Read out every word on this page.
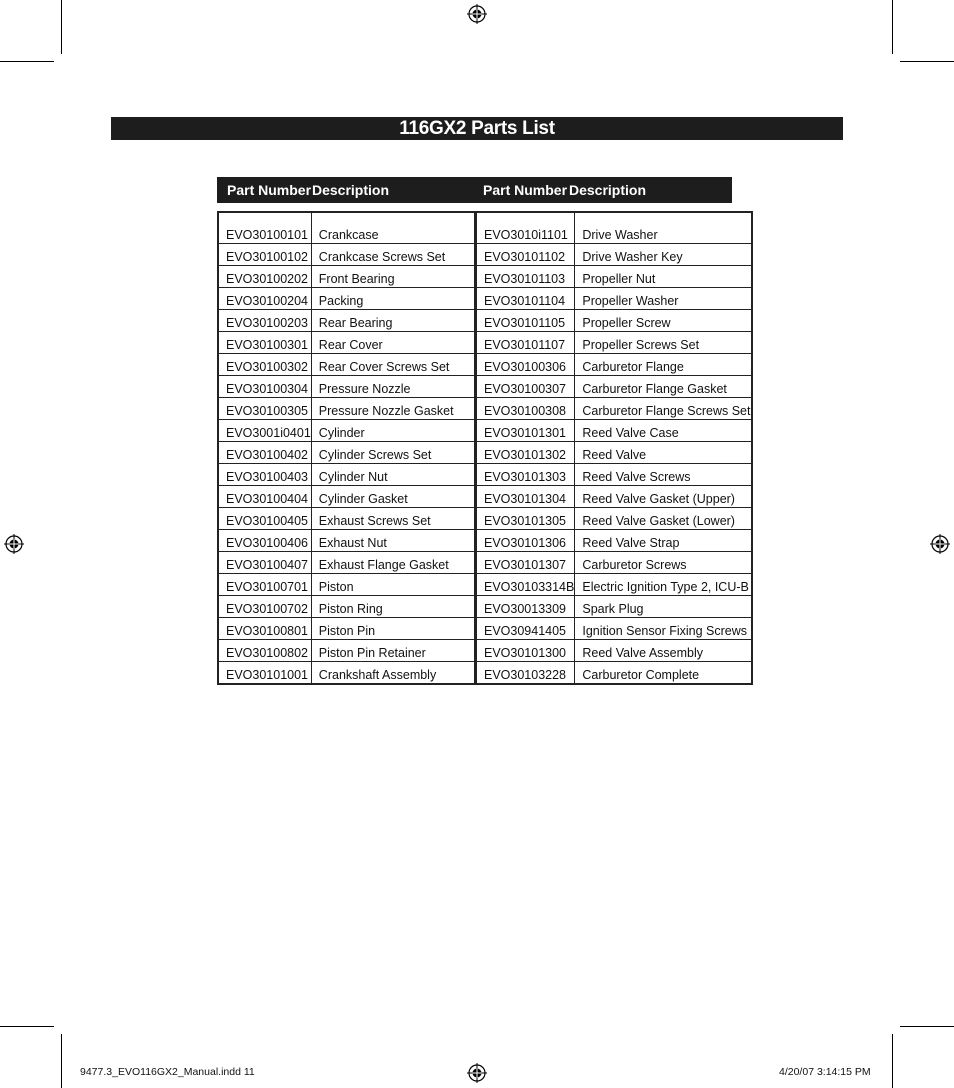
116GX2 Parts List
Part Number Description	Part Number Description
EVO30100101	Crankcase
EVO30100102	Crankcase Screws Set
EVO30100202	Front Bearing
EVO30100204	Packing
EVO30100203	Rear Bearing
EVO30100301	Rear Cover
EVO30100302	Rear Cover Screws Set
EVO30100304	Pressure Nozzle
EVO30100305	Pressure Nozzle Gasket
EVO3001i0401	Cylinder
EVO30100402	Cylinder Screws Set
EVO30100403	Cylinder Nut
EVO30100404	Cylinder Gasket
EVO30100405	Exhaust Screws Set
EVO30100406	Exhaust Nut
EVO30100407	Exhaust Flange Gasket
EVO30100701	Piston
EVO30100702	Piston Ring
EVO30100801	Piston Pin
EVO30100802	Piston Pin Retainer
EVO30101001	Crankshaft Assembly
EVO3010i1101	Drive Washer
EVO30101102	Drive Washer Key
EVO30101103	Propeller Nut
EVO30101104	Propeller Washer
EVO30101105	Propeller Screw
EVO30101107	Propeller Screws Set
EVO30100306	Carburetor Flange
EVO30100307	Carburetor Flange Gasket
EVO30100308	Carburetor Flange Screws Set
EVO30101301	Reed Valve Case
EVO30101302	Reed Valve
EVO30101303	Reed Valve Screws
EVO30101304	Reed Valve Gasket (Upper)
EVO30101305	Reed Valve Gasket (Lower)
EVO30101306	Reed Valve Strap
EVO30101307	Carburetor Screws
EVO30103314B	Electric Ignition Type 2, ICU-B
EVO30013309	Spark Plug
EVO30941405	Ignition Sensor Fixing Screws
EVO30101300	Reed Valve Assembly
EVO30103228	Carburetor Complete
9477.3_EVO116GX2_Manual.indd 11	4/20/07 3:14:15 PM
